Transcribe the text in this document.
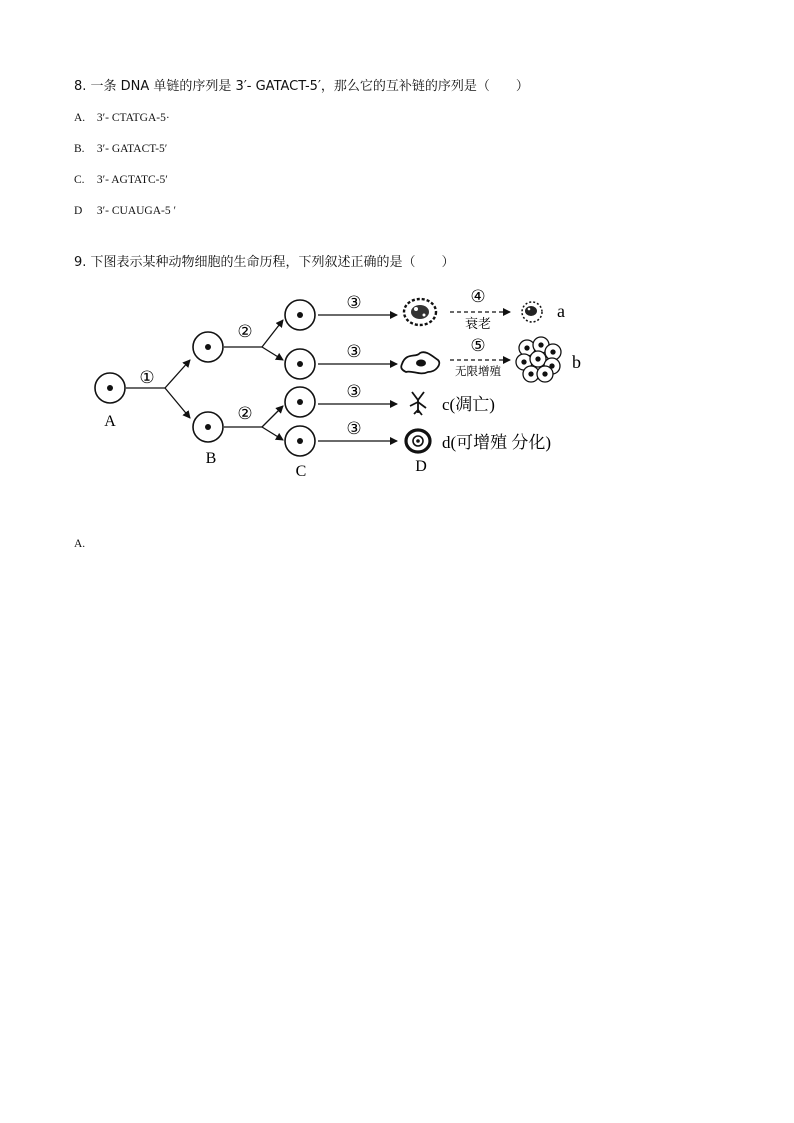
8. 一条 DNA 单链的序列是 3′- GATACT-5′，那么它的互补链的序列是（　　）
A. 3′- CTATGA-5·
B. 3′- GATACT-5′
C. 3′- AGTATC-5′
D 3′- CUAUGA-5 ′
9. 下图表示某种动物细胞的生命历程，下列叙述正确的是（　　）
A
①
B
②
②
C
③
③
③
③
④
衰老
a
⑤
无限增殖	b
c(凋亡)
D
d(可增殖 分化)
A.
